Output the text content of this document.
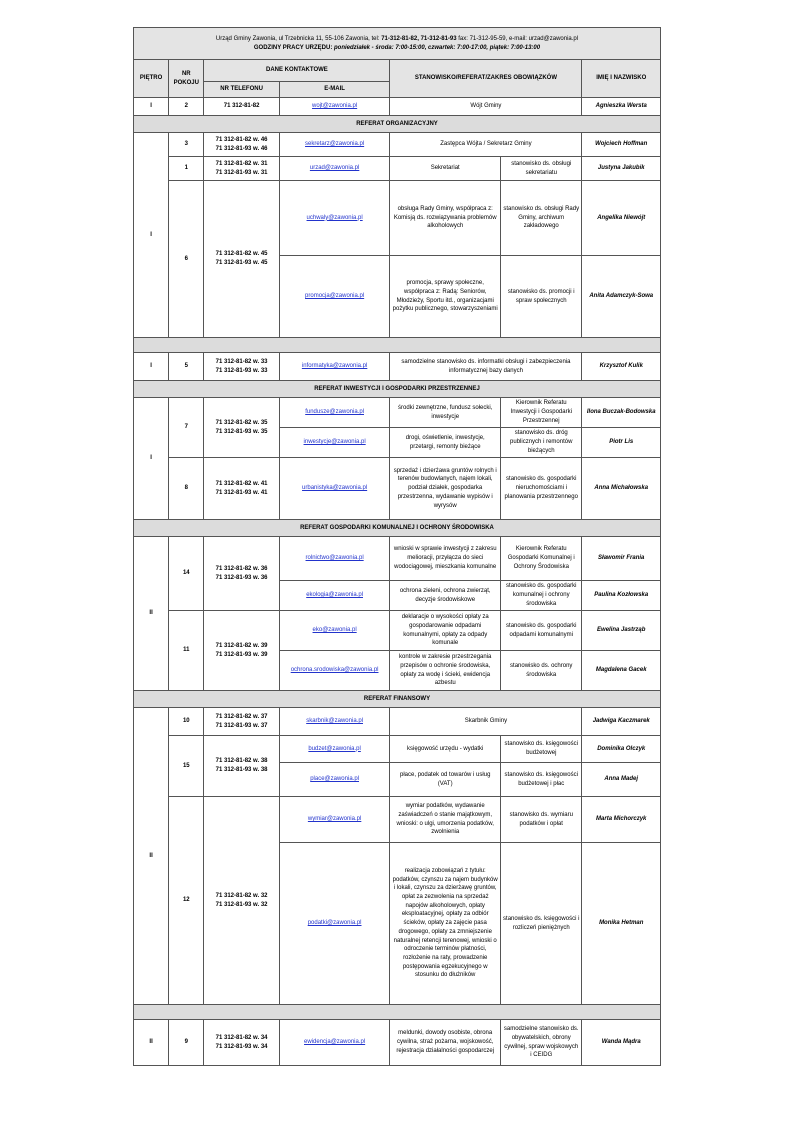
Urząd Gminy Zawonia, ul Trzebnicka 11, 55-106 Zawonia, tel: 71-312-81-82, 71-312-81-93 fax: 71-312-95-59, e-mail: urzad@zawonia.pl
GODZINY PRACY URZĘDU: poniedziałek - środa: 7:00-15:00, czwartek: 7:00-17:00, piątek: 7:00-13:00						
PIĘTRO	NR POKOJU	DANE KONTAKTOWE		STANOWISKO/REFERAT/ZAKRES OBOWIĄZKÓW		IMIĘ I NAZWISKO
		NR TELEFONU	E-MAIL			
I	2	71 312-81-82	wojt@zawonia.pl	Wójt Gminy		Agnieszka Wersta
REFERAT ORGANIZACYJNY						
I	3	71 312-81-82 w. 46
71 312-81-93 w. 46	sekretarz@zawonia.pl	Zastępca Wójta / Sekretarz Gminy		Wojciech Hoffman
	1	71 312-81-82 w. 31
71 312-81-93 w. 31	urzad@zawonia.pl	Sekretariat	stanowisko ds. obsługi sekretariatu	Justyna Jakubik
	6	71 312-81-82 w. 45
71 312-81-93 w. 45	uchwaly@zawonia.pl	obsługa Rady Gminy, współpraca z: Komisją ds. rozwiązywania problemów alkoholowych	stanowisko ds. obsługi Rady Gminy, archiwum zakładowego	Angelika Niewójt
			promocja@zawonia.pl	promocja, sprawy społeczne, współpraca z: Radą: Seniorów, Młodzieży, Sportu itd., organizacjami pożytku publicznego, stowarzyszeniami	stanowisko ds. promocji i spraw społecznych	Anita Adamczyk-Sowa

I	5	71 312-81-82 w. 33
71 312-81-93 w. 33	informatyka@zawonia.pl	samodzielne stanowisko ds. informatki obsługi i zabezpieczenia informatycznej bazy danych		Krzysztof Kulik
REFERAT INWESTYCJI I GOSPODARKI PRZESTRZENNEJ						
I	7	71 312-81-82 w. 35
71 312-81-93 w. 35	fundusze@zawonia.pl	środki zewnętrzne, fundusz sołecki, inwestycje	Kierownik Referatu Inwestycji i Gospodarki Przestrzennej	Ilona Buczak-Bodowska
			inwestycje@zawonia.pl	drogi, oświetlenie, inwestycje, przetargi, remonty bieżące	stanowisko ds. dróg publicznych i remontów bieżących	Piotr Lis
	8	71 312-81-82 w. 41
71 312-81-93 w. 41	urbanistyka@zawonia.pl	sprzedaż i dzierżawa gruntów rolnych i terenów budowlanych, najem lokali, podział działek, gospodarka przestrzenna, wydawanie wypisów i wyrysów	stanowisko ds. gospodarki nieruchomościami i planowania przestrzennego	Anna Michałowska
REFERAT GOSPODARKI KOMUNALNEJ I OCHRONY ŚRODOWISKA						
II	14	71 312-81-82 w. 36
71 312-81-93 w. 36	rolnictwo@zawonia.pl	wnioski w sprawie inwestycji z zakresu melioracji, przyłącza do sieci wodociągowej, mieszkania komunalne	Kierownik Referatu Gospodarki Komunalnej i Ochrony Środowiska	Sławomir Frania
			ekologia@zawonia.pl	ochrona zieleni, ochrona zwierząt, decyzje środowiskowe	stanowisko ds. gospodarki komunalnej i ochrony środowiska	Paulina Kozłowska
	11	71 312-81-82 w. 39
71 312-81-93 w. 39	eko@zawonia.pl	deklaracje o wysokości opłaty za gospodarowanie odpadami komunalnymi, opłaty za odpady komunale	stanowisko ds. gospodarki odpadami komunalnymi	Ewelina Jastrząb
			ochrona.srodowiska@zawonia.pl	kontrole w zakresie przestrzegania przepisów o ochronie środowiska, opłaty za wodę i ścieki, ewidencja azbestu	stanowisko ds. ochrony środowiska	Magdalena Gacek
REFERAT FINANSOWY						
II	10	71 312-81-82 w. 37
71 312-81-93 w. 37	skarbnik@zawonia.pl	Skarbnik Gminy		Jadwiga Kaczmarek
	15	71 312-81-82 w. 38
71 312-81-93 w. 38	budzet@zawonia.pl	księgowość urzędu - wydatki	stanowisko ds. księgowości budżetowej	Dominika Olczyk
			place@zawonia.pl	płace, podatek od towarów i usług (VAT)	stanowisko ds. księgowości budżetowej i płac	Anna Madej
	12	71 312-81-82 w. 32
71 312-81-93 w. 32	wymiar@zawonia.pl	wymiar podatków, wydawanie zaświadczeń o stanie majątkowym, wnioski: o ulgi, umorzenia podatków, zwolnienia	stanowisko ds. wymiaru podatków i opłat	Marta Michorczyk
			podatki@zawonia.pl	realizacja zobowiązań z tytułu: podatków, czynszu za najem budynków i lokali, czynszu za dzierżawę gruntów, opłat za zezwolenia na sprzedaż napojów alkoholowych, opłaty eksploatacyjnej, opłaty za odbiór ścieków, opłaty za zajęcie pasa drogowego, opłaty za zmniejszenie naturalnej retencji terenowej, wnioski o odroczenie terminów płatności, rozłożenie na raty, prowadzenie postępowania egzekucyjnego w stosunku do dłużników	stanowisko ds. księgowości i rozliczeń pieniężnych	Monika Hetman

II	9	71 312-81-82 w. 34
71 312-81-93 w. 34	ewidencja@zawonia.pl	meldunki, dowody osobiste, obrona cywilna, straż pożarna, wojskowość, rejestracja działalności gospodarczej	samodzielne stanowisko ds. obywatelskich, obrony cywilnej, spraw wojskowych i CEIDG	Wanda Mądra
